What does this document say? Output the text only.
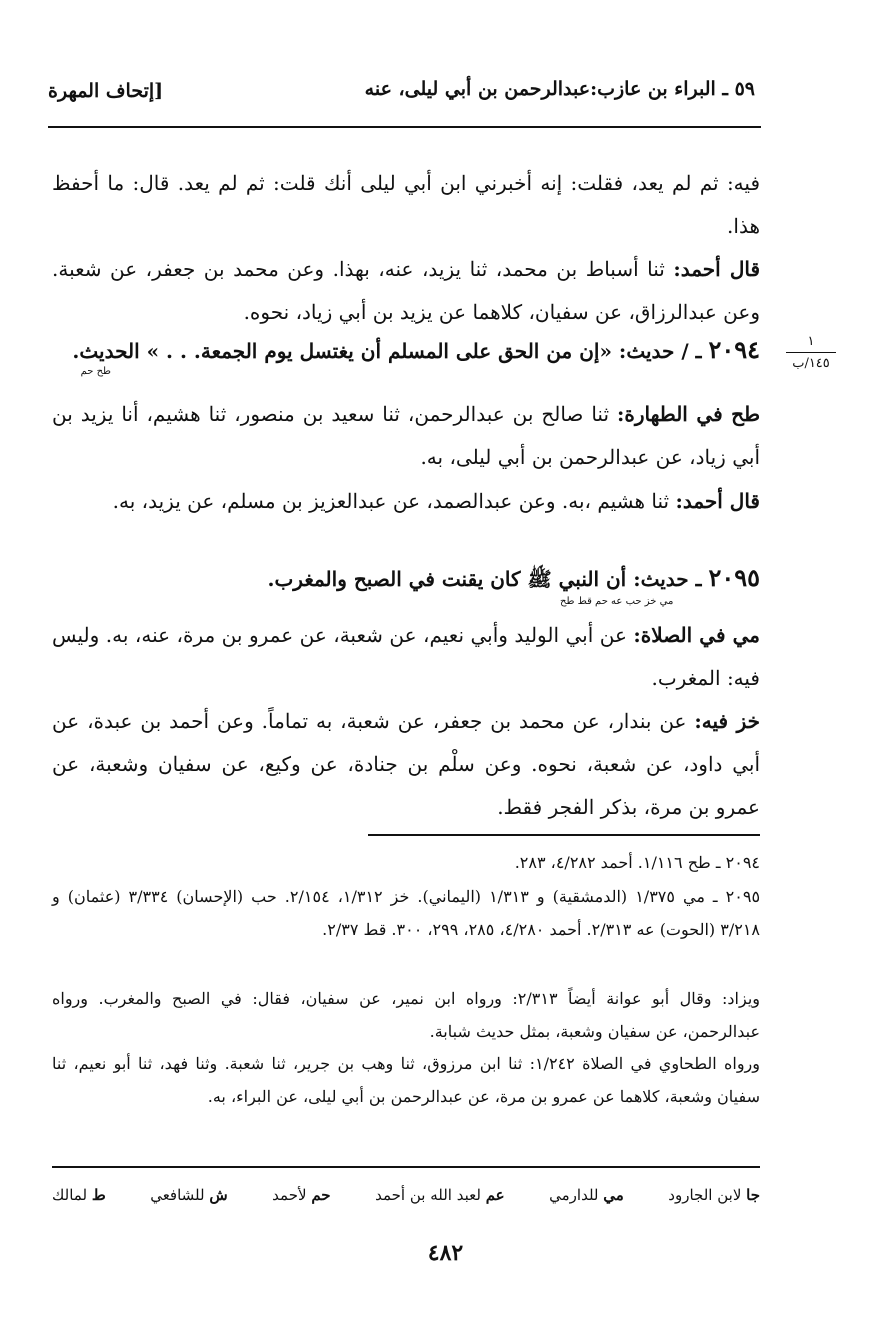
٥٩ ـ البراء بن عازب:عبدالرحمن بن أبي ليلى، عنه
[إتحاف المهرة
فيه: ثم لم يعد، فقلت: إنه أخبرني ابن أبي ليلى أنك قلت: ثم لم يعد. قال: ما أحفظ هذا.
قال أحمد: ثنا أسباط بن محمد، ثنا يزيد، عنه، بهذا. وعن محمد بن جعفر، عن شعبة. وعن عبدالرزاق، عن سفيان، كلاهما عن يزيد بن أبي زياد، نحوه.
٢٠٩٤ ـ / حديث: «إن من الحق على المسلم أن يغتسل يوم الجمعة. . . » الحديث.
طح حم
١
١٤٥/ب
طح في الطهارة: ثنا صالح بن عبدالرحمن، ثنا سعيد بن منصور، ثنا هشيم، أنا يزيد بن أبي زياد، عن عبدالرحمن بن أبي ليلى، به.
قال أحمد: ثنا هشيم ،به. وعن عبدالصمد، عن عبدالعزيز بن مسلم، عن يزيد، به.
٢٠٩٥ ـ حديث: أن النبي ﷺ كان يقنت في الصبح والمغرب.
مي خز حب عه حم قط طح
مي في الصلاة: عن أبي الوليد وأبي نعيم، عن شعبة، عن عمرو بن مرة، عنه، به. وليس فيه: المغرب.
خز فيه: عن بندار، عن محمد بن جعفر، عن شعبة، به تماماً. وعن أحمد بن عبدة، عن أبي داود، عن شعبة، نحوه. وعن سلْم بن جنادة، عن وكيع، عن سفيان وشعبة، عن عمرو بن مرة، بذكر الفجر فقط.
٢٠٩٤ ـ طح ١/١١٦. أحمد ٤/٢٨٢، ٢٨٣.
٢٠٩٥ ـ مي ١/٣٧٥ (الدمشقية) و ١/٣١٣ (اليماني). خز ١/٣١٢، ٢/١٥٤. حب (الإحسان) ٣/٣٣٤ (عثمان) و ٣/٢١٨ (الحوت) عه ٢/٣١٣. أحمد ٤/٢٨٠، ٢٨٥، ٢٩٩، ٣٠٠. قط ٢/٣٧.
ويزاد: وقال أبو عوانة أيضاً ٢/٣١٣: ورواه ابن نمير، عن سفيان، فقال: في الصبح والمغرب. ورواه عبدالرحمن، عن سفيان وشعبة، بمثل حديث شبابة.
ورواه الطحاوي في الصلاة ١/٢٤٢: ثنا ابن مرزوق، ثنا وهب بن جرير، ثنا شعبة. وثنا فهد، ثنا أبو نعيم، ثنا سفيان وشعبة، كلاهما عن عمرو بن مرة، عن عبدالرحمن بن أبي ليلى، عن البراء، به.
ط لمالك	ش للشافعي	حم لأحمد	عم لعبد الله بن أحمد	مي للدارمي	جا لابن الجارود
٤٨٢
